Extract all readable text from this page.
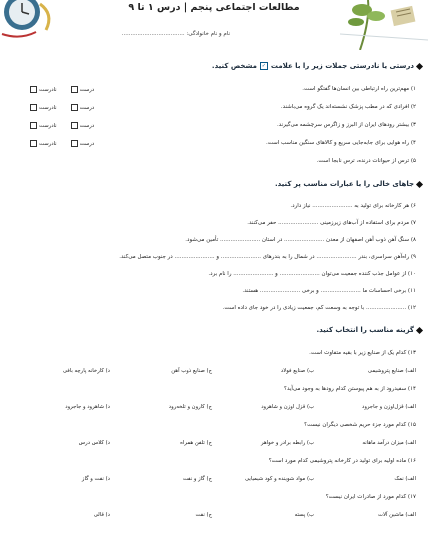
مطالعات اجتماعی پنجم | درس ۱ تا ۹
نام و نام خانوادگی: ....................................
درستی یا نادرستی جملات زیر را با علامت
✓
مشخص کنید.
۱) مهم‌ترین راه ارتباطی بین انسان‌ها گفتگو است.
درست
نادرست
۲) افرادی که در مطب پزشک نشسته‌اند یک گروه می‌باشند.
درست
نادرست
۳) بیشتر رودهای ایران از البرز و زاگرس سرچشمه می‌گیرند.
درست
نادرست
۴) راه هوایی برای جابه‌جایی سریع و کالاهای سنگین مناسب است.
درست
نادرست
۵) ترس از حیوانات درنده، ترس نابجا است.
جاهای خالی را با عبارات مناسب پر کنید.
۶) هر کارخانه برای تولید به ....................... نیاز دارد.
۷) مردم برای استفاده از آب‌های زیرزمینی ....................... حفر می‌کنند.
۸) سنگ آهن ذوب آهن اصفهان از معدن ....................... در استان ....................... تأمین می‌شود.
۹) راه‌آهن سراسری، بندر ....................... در شمال را به بندرهای ....................... و ....................... در جنوب متصل می‌کند.
۱۰) از عوامل جذب کننده جمعیت می‌توان ....................... و ....................... را نام برد.
۱۱) برخی احساسات ما ....................... و برخی ....................... هستند.
۱۲) ....................... با توجه به وسعت کم، جمعیت زیادی را در خود جای داده است.
گزینه مناسب را انتخاب کنید.
۱۳) کدام یک از صنایع زیر با بقیه متفاوت است.
الف) صنایع پتروشیمی
ب) صنایع فولاد
ج) صنایع ذوب آهن
د) کارخانه پارچه بافی
۱۴) سفیدرود از به هم پیوستن کدام رودها به وجود می‌آید؟
الف) قزل‌اوزن و جاجرود
ب) قزل اوزن و شاهرود
ج) کارون و تلخه‌رود
د) شاهرود و جاجرود
۱۵) کدام مورد جزء حریم شخصی دیگران نیست؟
الف) میزان درآمد ماهانه
ب) رابطه برادر و خواهر
ج) تلفن همراه
د) کلاس درس
۱۶) ماده اولیه برای تولید در کارخانه پتروشیمی کدام مورد است؟
الف) نمک
ب) مواد شوینده و کود شیمیایی
ج) گاز و نفت
د) نفت و گاز
۱۷) کدام مورد از صادرات ایران نیست؟
الف) ماشین آلات
ب) پسته
ج) نفت
د) قالی
